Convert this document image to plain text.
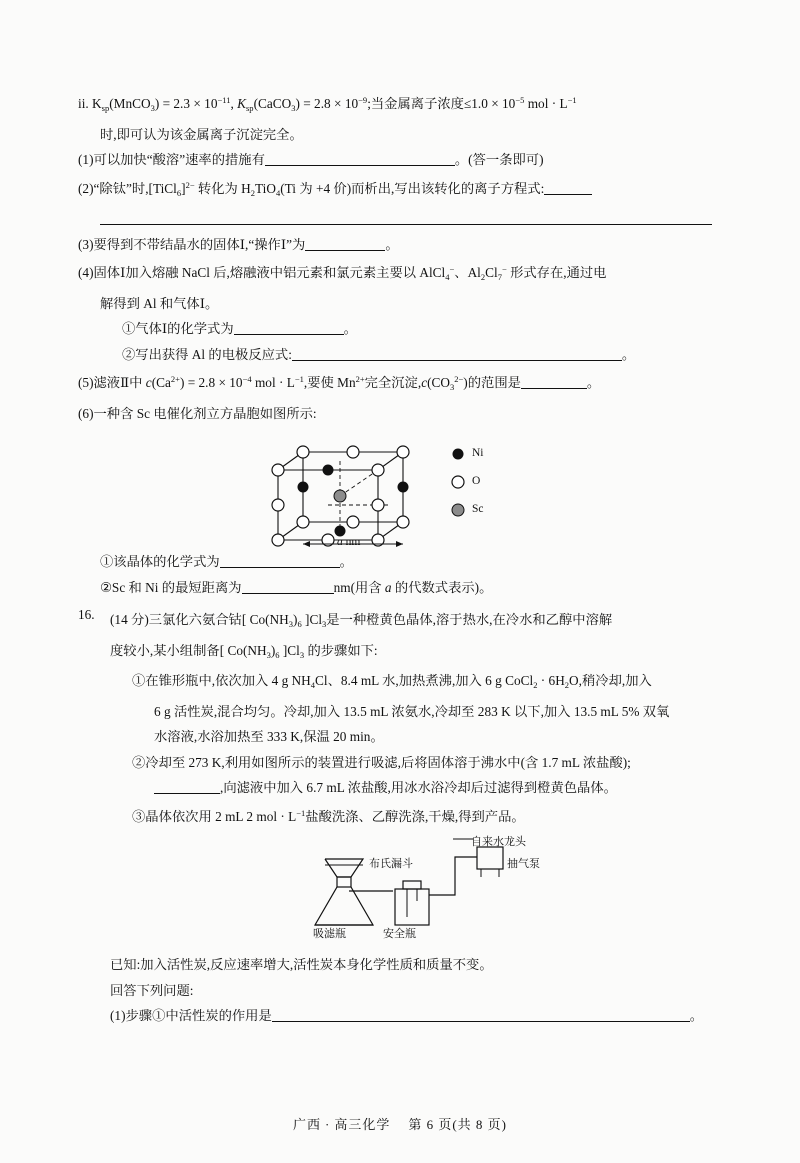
ii. $K_{sp}(MnCO_3) = 2.3 \times 10^{-11}$, $K_{sp}(CaCO_3) = 2.8 \times 10^{-9}$;当金属离子浓度$\le 1.0 \times 10^{-5}$ mol · $L^{-1}$
时,即可认为该金属离子沉淀完全。
(1)可以加快“酸溶”速率的措施有	。(答一条即可)
(2)“除钛”时,[TiCl$_6$]$^{2-}$ 转化为 $H_2TiO_4(Ti$ 为 +4 价)而析出,写出该转化的离子方程式:
(3)要得到不带结晶水的固体Ⅰ,“操作Ⅰ”为	。
(4)固体Ⅰ加入熔融 NaCl 后,熔融液中铝元素和氯元素主要以 AlCl$_4$−、$Al_2Cl_7^-$ 形式存在,通过电
解得到 Al 和气体Ⅰ。
①气体Ⅰ的化学式为	。
②写出获得 Al 的电极反应式:	。
(5)滤液Ⅱ中 $c(Ca^{2+}) = 2.8 \times 10^{-4}$ mol · $L^{-1}$,要使 $Mn^{2+}$完全沉淀$,c(CO_3^{2-})$的范围是	。
(6)一种含 Sc 电催化剂立方晶胞如图所示:
Ni
O
Sc
a nm
①该晶体的化学式为	。
②Sc 和 Ni 的最短距离为	nm(用含 a 的代数式表示)。
16. (14 分)三氯化六氨合钴[ $Co(NH_3)_6$ ]$Cl_3$是一种橙黄色晶体,溶于热水,在冷水和乙醇中溶解
度较小,某小组制备[ $Co(NH_3)_6$ ]$Cl_3$ 的步骤如下:
①在锥形瓶中,依次加入 4 g $NH_4Cl$、8.4 mL 水,加热煮沸,加入 6 g CoCl$_2$ · $6H_2O$,稍冷却,加入
6 g 活性炭,混合均匀。冷却,加入 13.5 mL 浓氨水,冷却至 283 K 以下,加入 13.5 mL 5% 双氧
水溶液,水浴加热至 333 K,保温 20 min。
②冷却至 273 K,利用如图所示的装置进行吸滤,后将固体溶于沸水中(含 1.7 mL 浓盐酸);
,向滤液中加入 6.7 mL 浓盐酸,用冰水浴冷却后过滤得到橙黄色晶体。
③晶体依次用 2 mL 2 mol · $L^{-1}$盐酸洗涤、乙醇洗涤,干燥,得到产品。
布氏漏斗
自来水龙头
抽气泵
吸滤瓶	安全瓶
已知:加入活性炭,反应速率增大,活性炭本身化学性质和质量不变。
回答下列问题:
(1)步骤①中活性炭的作用是	。
广西 · 高三化学 第 6 页(共 8 页)
